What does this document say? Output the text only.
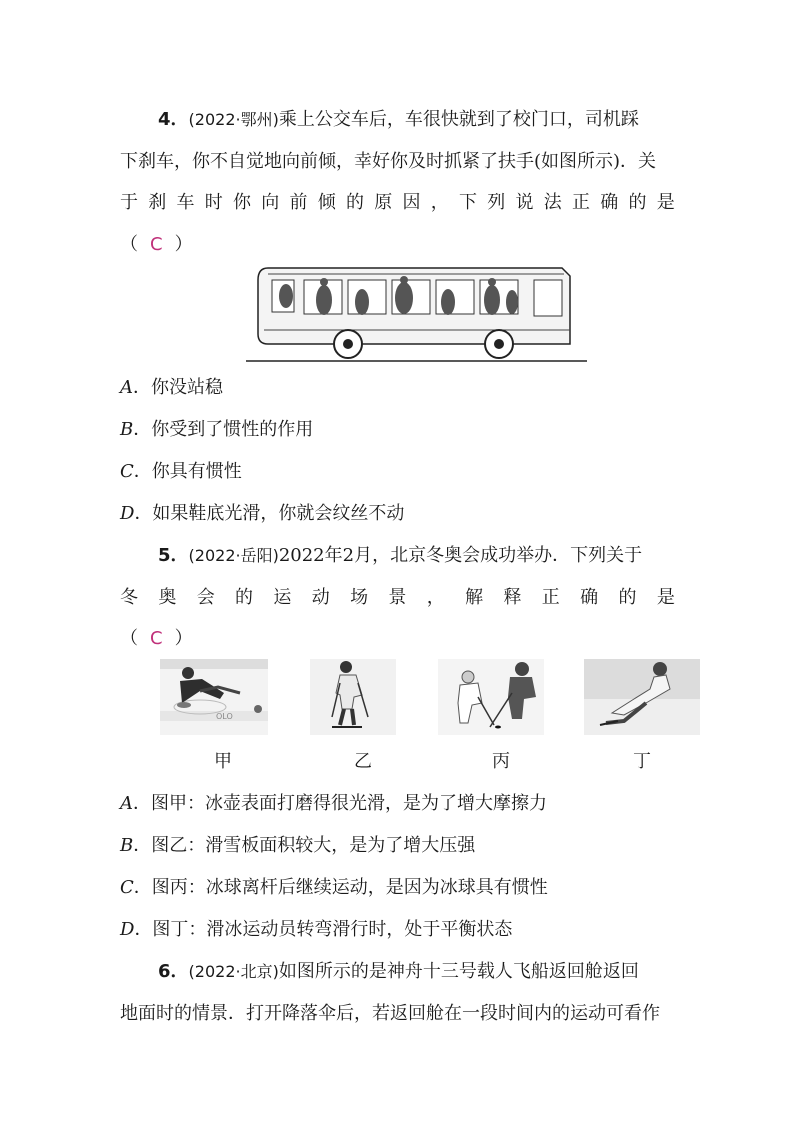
4．(2022·鄂州)乘上公交车后，车很快就到了校门口，司机踩
下刹车，你不自觉地向前倾，幸好你及时抓紧了扶手(如图所示)．关
于 刹 车 时 你 向 前 倾 的 原 因 ， 下 列 说 法 正 确 的 是
（ C ）
A．你没站稳
B．你受到了惯性的作用
C．你具有惯性
D．如果鞋底光滑，你就会纹丝不动
5．(2022·岳阳)2022年2月，北京冬奥会成功举办．下列关于
冬 奥 会 的 运 动 场 景 ， 解 释 正 确 的 是
（ C ）
OLO
甲	乙	丙	丁
A．图甲：冰壶表面打磨得很光滑，是为了增大摩擦力
B．图乙：滑雪板面积较大，是为了增大压强
C．图丙：冰球离杆后继续运动，是因为冰球具有惯性
D．图丁：滑冰运动员转弯滑行时，处于平衡状态
6．(2022·北京)如图所示的是神舟十三号载人飞船返回舱返回
地面时的情景．打开降落伞后，若返回舱在一段时间内的运动可看作
